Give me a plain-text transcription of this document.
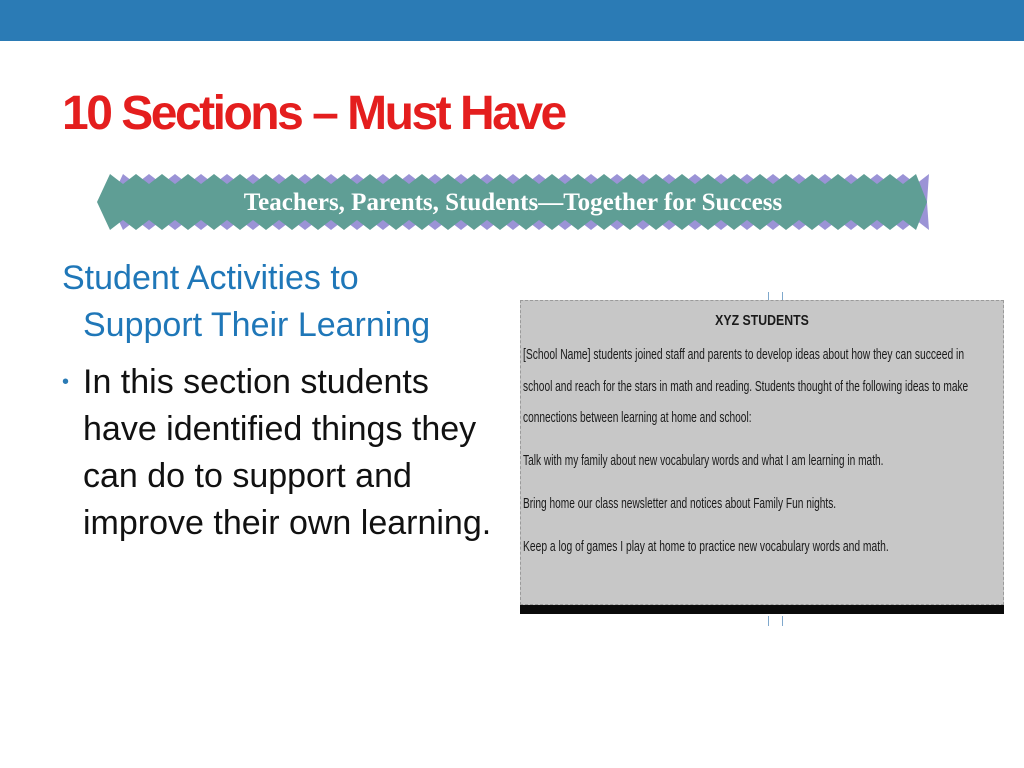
10 Sections – Must Have
Teachers, Parents, Students—Together for Success
Student Activities to
Support Their Learning
• In this section students have identified things they can do to support and improve their own learning.
XYZ STUDENTS

[School Name] students joined staff and parents to develop ideas about how they can succeed in

school and reach for the stars in math and reading. Students thought of the following ideas to make

connections between learning at home and school:

Talk with my family about new vocabulary words and what I am learning in math.

Bring home our class newsletter and notices about Family Fun nights.

Keep a log of games I play at home to practice new vocabulary words and math.
